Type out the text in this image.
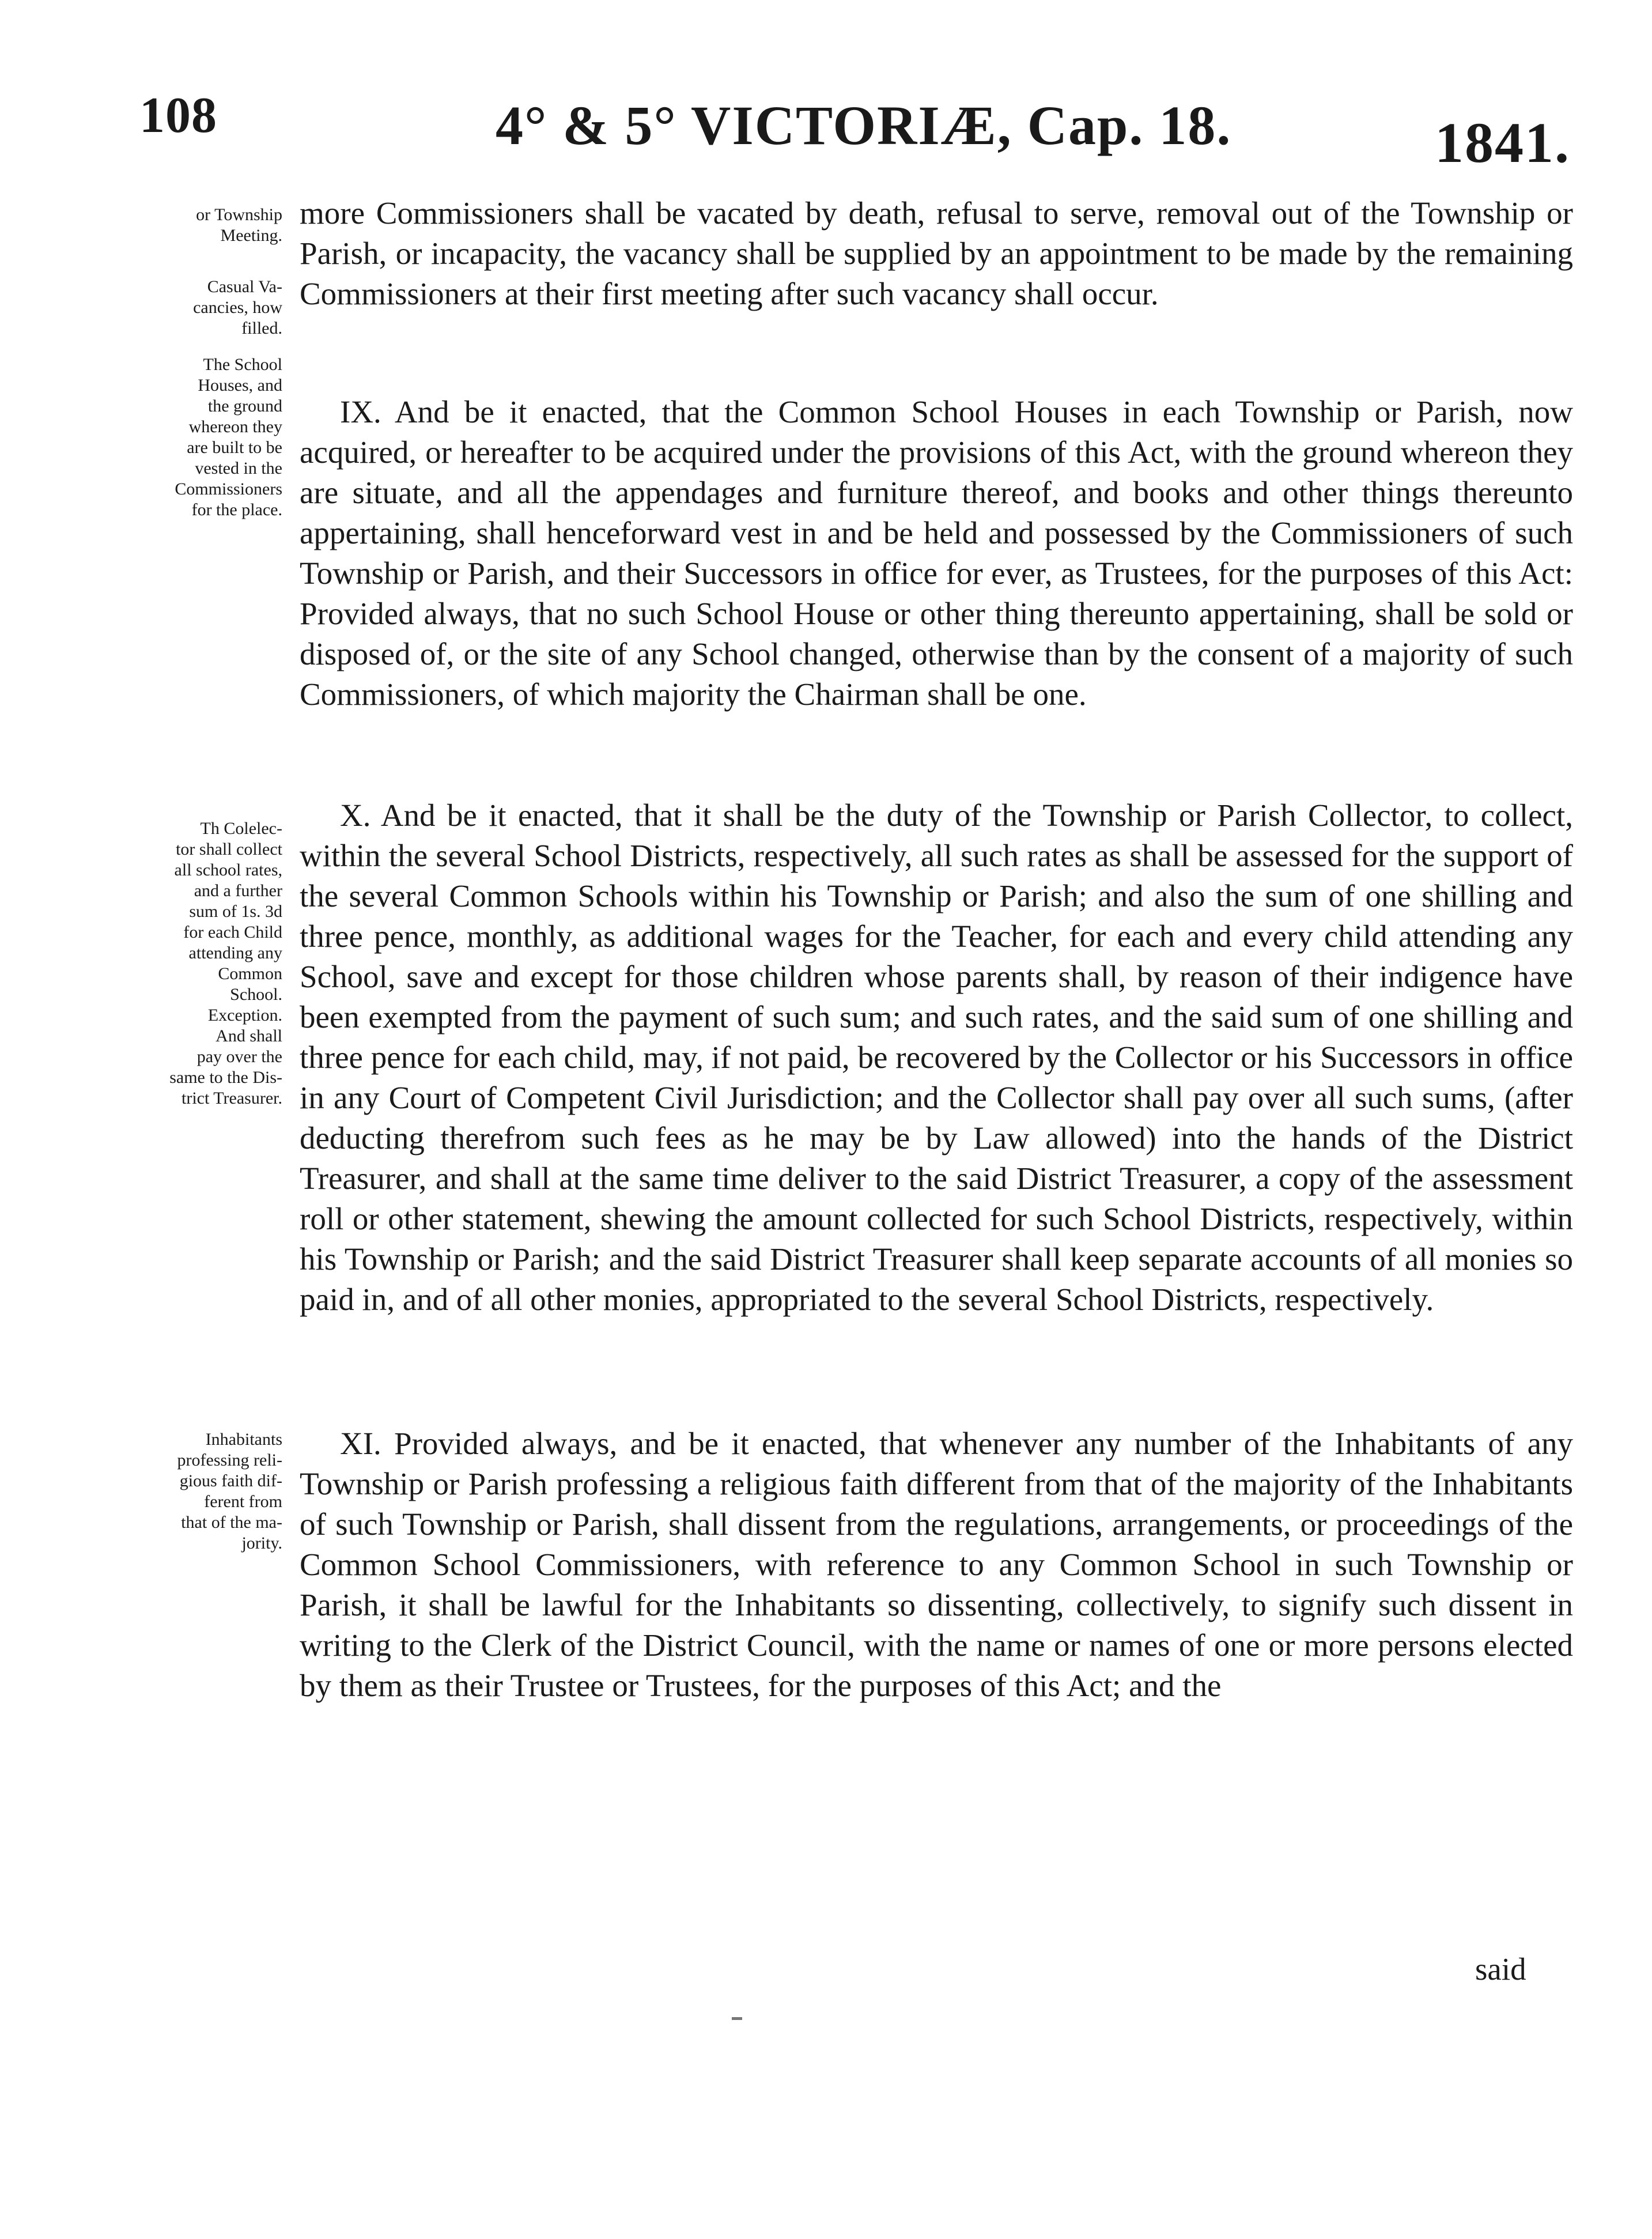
108	4° & 5° VICTORIÆ, Cap. 18.	1841.
or Township
Meeting.
Casual Va-
cancies, how
filled.
The School
Houses, and
the ground
whereon they
are built to be
vested in the
Commissioners
for the place.
Th Colelec-
tor shall collect
all school rates,
and a further
sum of 1s. 3d
for each Child
attending any
Common
School.
Exception.
And shall
pay over the
same to the Dis-
trict Treasurer.
Inhabitants
professing reli-
gious faith dif-
ferent from
that of the ma-
jority.

more Commissioners shall be vacated by death, refusal to serve, removal out of the Township or Parish, or incapacity, the vacancy shall be supplied by an appointment to be made by the remaining Commissioners at their first meeting after such vacancy shall occur.

IX. And be it enacted, that the Common School Houses in each Township or Parish, now acquired, or hereafter to be acquired under the provisions of this Act, with the ground whereon they are situate, and all the appendages and furniture thereof, and books and other things thereunto appertaining, shall henceforward vest in and be held and possessed by the Commissioners of such Township or Parish, and their Successors in office for ever, as Trustees, for the purposes of this Act: Provided always, that no such School House or other thing thereunto appertaining, shall be sold or disposed of, or the site of any School changed, otherwise than by the consent of a majority of such Commissioners, of which majority the Chairman shall be one.

X. And be it enacted, that it shall be the duty of the Township or Parish Collector, to collect, within the several School Districts, respectively, all such rates as shall be assessed for the support of the several Common Schools within his Township or Parish; and also the sum of one shilling and three pence, monthly, as additional wages for the Teacher, for each and every child attending any School, save and except for those children whose parents shall, by reason of their indigence have been exempted from the payment of such sum; and such rates, and the said sum of one shilling and three pence for each child, may, if not paid, be recovered by the Collector or his Successors in office in any Court of Competent Civil Jurisdiction; and the Collector shall pay over all such sums, (after deducting therefrom such fees as he may be by Law allowed) into the hands of the District Treasurer, and shall at the same time deliver to the said District Treasurer, a copy of the assessment roll or other statement, shewing the amount collected for such School Districts, respectively, within his Township or Parish; and the said District Treasurer shall keep separate accounts of all monies so paid in, and of all other monies, appropriated to the several School Districts, respectively.

XI. Provided always, and be it enacted, that whenever any number of the Inhabitants of any Township or Parish professing a religious faith different from that of the majority of the Inhabitants of such Township or Parish, shall dissent from the regulations, arrangements, or proceedings of the Common School Commissioners, with reference to any Common School in such Township or Parish, it shall be lawful for the Inhabitants so dissenting, collectively, to signify such dissent in writing to the Clerk of the District Council, with the name or names of one or more persons elected by them as their Trustee or Trustees, for the purposes of this Act; and the

said
